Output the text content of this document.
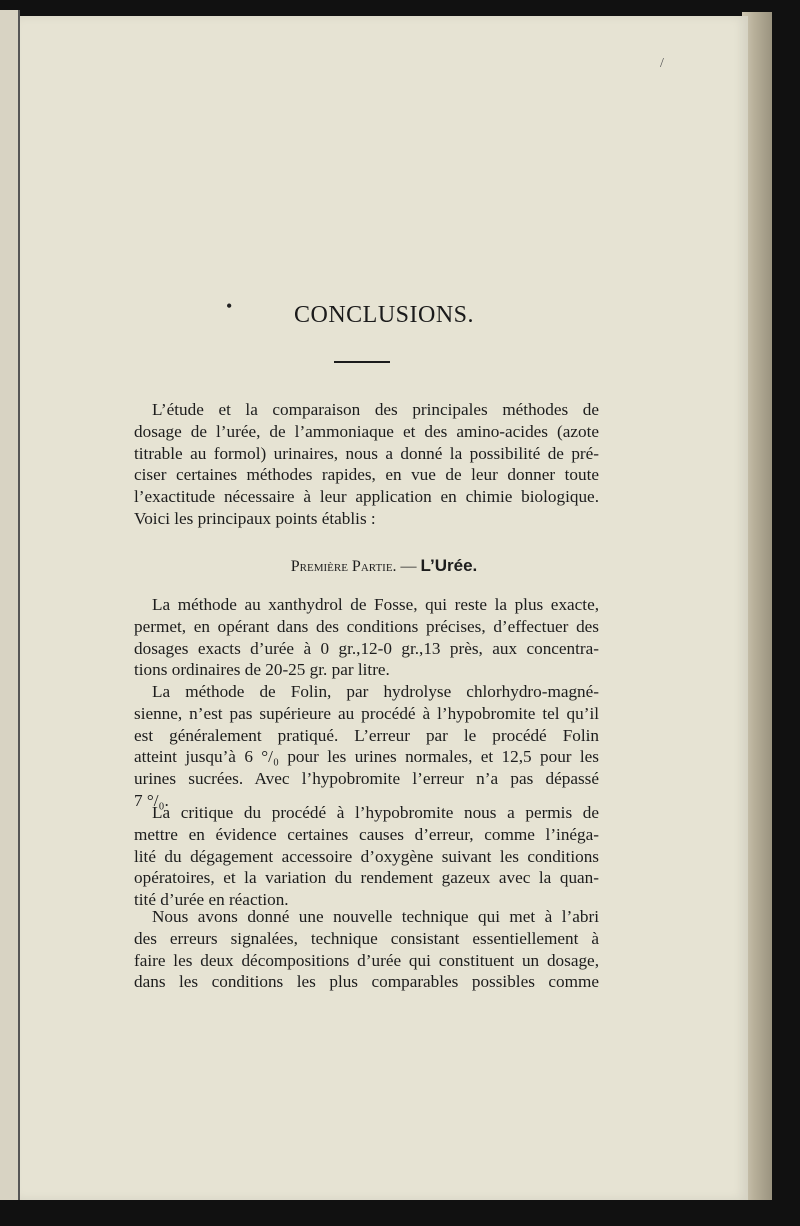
/
•	CONCLUSIONS.
L’étude et la comparaison des principales méthodes de
dosage de l’urée, de l’ammoniaque et des amino-acides (azote
titrable au formol) urinaires, nous a donné la possibilité de pré-
ciser certaines méthodes rapides, en vue de leur donner toute
l’exactitude nécessaire à leur application en chimie biologique.
Voici les principaux points établis :
Première Partie. — L’Urée.
La méthode au xanthydrol de Fosse, qui reste la plus exacte,
permet, en opérant dans des conditions précises, d’effectuer des
dosages exacts d’urée à 0 gr.,12-0 gr.,13 près, aux concentra-
tions ordinaires de 20-25 gr. par litre.
La méthode de Folin, par hydrolyse chlorhydro-magné-
sienne, n’est pas supérieure au procédé à l’hypobromite tel qu’il
est généralement pratiqué. L’erreur par le procédé Folin
atteint jusqu’à 6 °/₀ pour les urines normales, et 12,5 pour les
urines sucrées. Avec l’hypobromite l’erreur n’a pas dépassé
7 °/₀.
La critique du procédé à l’hypobromite nous a permis de
mettre en évidence certaines causes d’erreur, comme l’inéga-
lité du dégagement accessoire d’oxygène suivant les conditions
opératoires, et la variation du rendement gazeux avec la quan-
tité d’urée en réaction.
Nous avons donné une nouvelle technique qui met à l’abri
des erreurs signalées, technique consistant essentiellement à
faire les deux décompositions d’urée qui constituent un dosage,
dans les conditions les plus comparables possibles comme
